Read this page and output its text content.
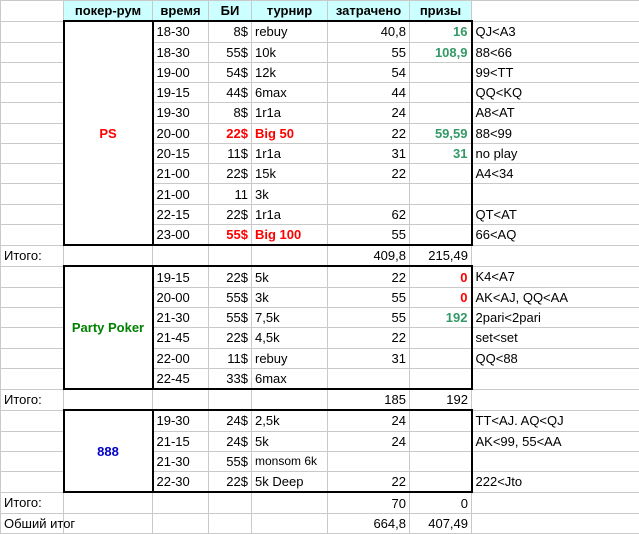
	покер-рум	время	БИ	турнир	затрачено	призы	
	PS	18-30	8$	rebuy	40,8	16	QJ<A3
		18-30	55$	10k	55	108,9	88<66
		19-00	54$	12k	54		99<TT
		19-15	44$	6max	44		QQ<KQ
		19-30	8$	1r1a	24		A8<AT
		20-00	22$	Big 50	22	59,59	88<99
		20-15	11$	1r1a	31	31	no play
		21-00	22$	15k	22		A4<34
		21-00	11	3k			
		22-15	22$	1r1a	62		QT<AT
		23-00	55$	Big 100	55		66<AQ
Итого:					409,8	215,49	
	Party Poker	19-15	22$	5k	22	0	K4<A7
		20-00	55$	3k	55	0	AK<AJ, QQ<AA
		21-30	55$	7,5k	55	192	2pari<2pari
		21-45	22$	4,5k	22		set<set
		22-00	11$	rebuy	31		QQ<88
		22-45	33$	6max			
Итого:					185	192	
	888	19-30	24$	2,5k	24		TT<AJ. AQ<QJ
		21-15	24$	5k	24		AK<99, 55<AA
		21-30	55$	monsom 6k			
		22-30	22$	5k Deep	22		222<Jto
Итого:					70	0	
Обший итог					664,8	407,49	
